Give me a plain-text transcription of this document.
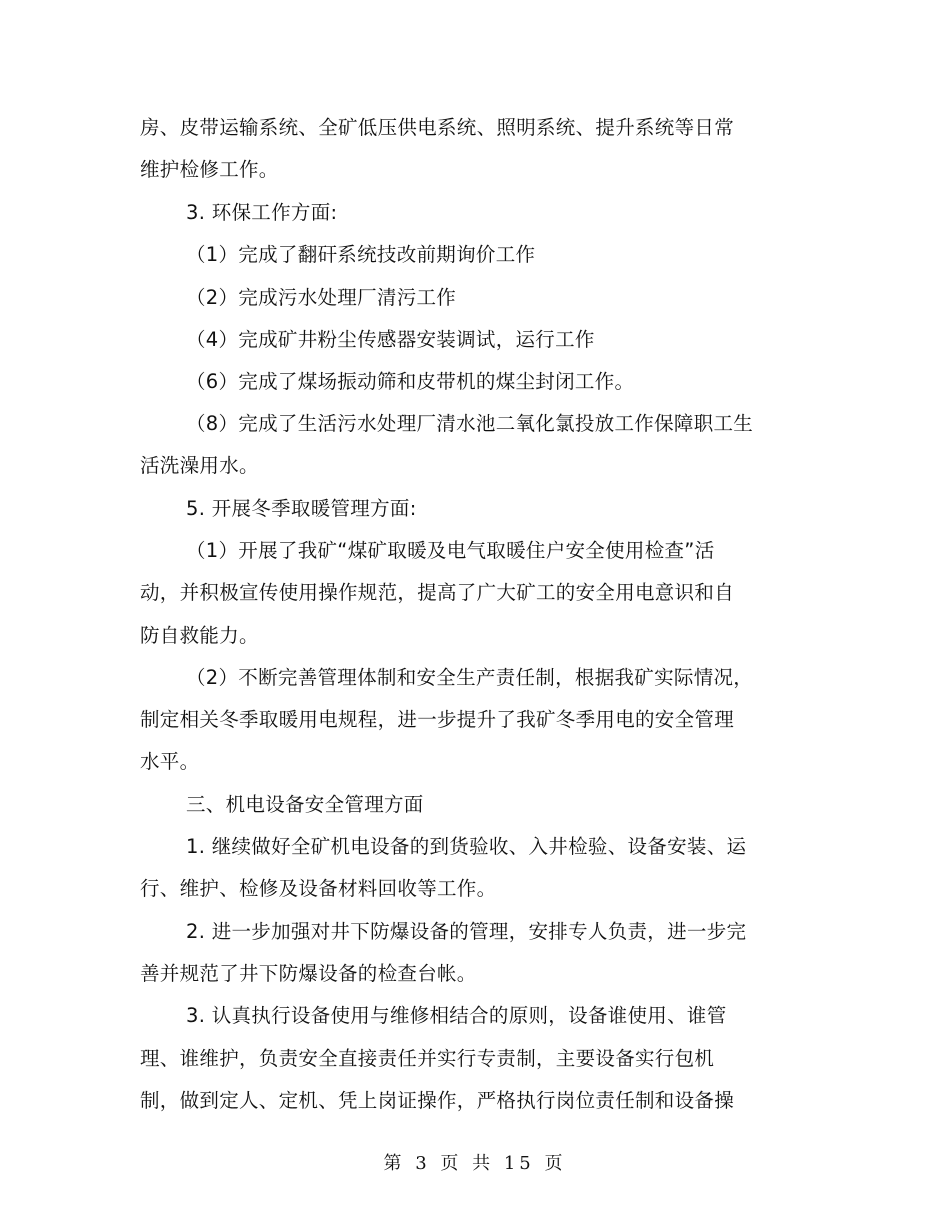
房、皮带运输系统、全矿低压供电系统、照明系统、提升系统等日常
维护检修工作。
3. 环保工作方面:
（1）完成了翻矸系统技改前期询价工作
（2）完成污水处理厂清污工作
（4）完成矿井粉尘传感器安装调试，运行工作
（6）完成了煤场振动筛和皮带机的煤尘封闭工作。
（8）完成了生活污水处理厂清水池二氧化氯投放工作保障职工生
活洗澡用水。
5. 开展冬季取暖管理方面:
（1）开展了我矿“煤矿取暖及电气取暖住户安全使用检查”活
动，并积极宣传使用操作规范，提高了广大矿工的安全用电意识和自
防自救能力。
（2）不断完善管理体制和安全生产责任制，根据我矿实际情况，
制定相关冬季取暖用电规程，进一步提升了我矿冬季用电的安全管理
水平。
三、机电设备安全管理方面
1. 继续做好全矿机电设备的到货验收、入井检验、设备安装、运
行、维护、检修及设备材料回收等工作。
2. 进一步加强对井下防爆设备的管理，安排专人负责，进一步完
善并规范了井下防爆设备的检查台帐。
3. 认真执行设备使用与维修相结合的原则，设备谁使用、谁管
理、谁维护，负责安全直接责任并实行专责制，主要设备实行包机
制，做到定人、定机、凭上岗证操作，严格执行岗位责任制和设备操
第 3 页 共 15 页
